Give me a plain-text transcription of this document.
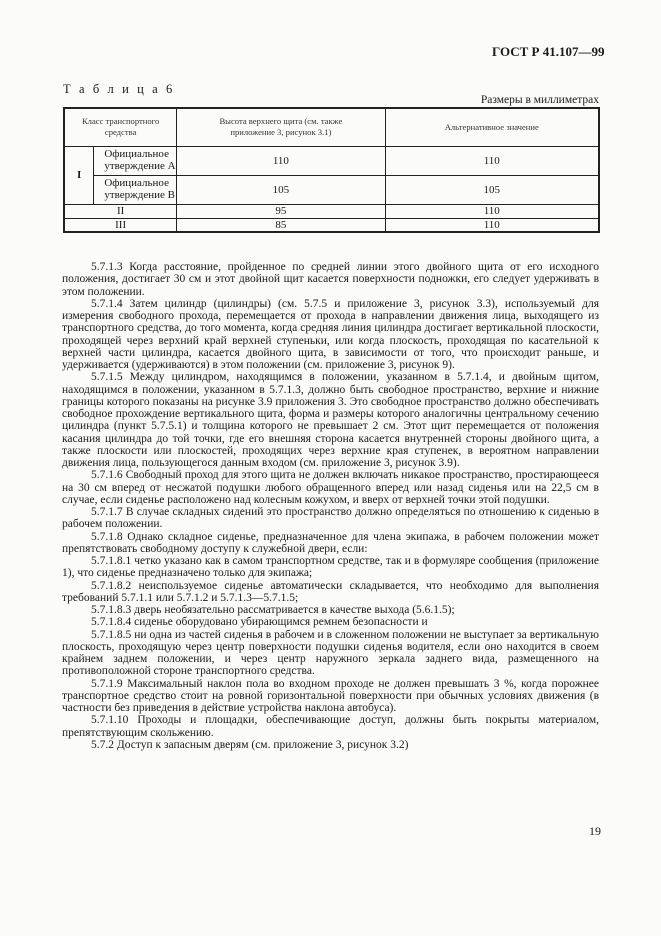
ГОСТ Р 41.107—99
Т а б л и ц а 6
Размеры в миллиметрах
Класс транспортного средства		Высота верхнего щита (см. также приложение 3, рисунок 3.1)	Альтернативное значение
I	Официальное утверждение A	110	110
	Официальное утверждение B	105	105
II		95	110
III		85	110

5.7.1.3 Когда расстояние, пройденное по средней линии этого двойного щита от его исходного положения, достигает 30 см и этот двойной щит касается поверхности подножки, его следует удерживать в этом положении.

5.7.1.4 Затем цилиндр (цилиндры) (см. 5.7.5 и приложение 3, рисунок 3.3), используемый для измерения свободного прохода, перемещается от прохода в направлении движения лица, выходящего из транспортного средства, до того момента, когда средняя линия цилиндра достигает вертикальной плоскости, проходящей через верхний край верхней ступеньки, или когда плоскость, проходящая по касательной к верхней части цилиндра, касается двойного щита, в зависимости от того, что происходит раньше, и удерживается (удерживаются) в этом положении (см. приложение 3, рисунок 9).

5.7.1.5 Между цилиндром, находящимся в положении, указанном в 5.7.1.4, и двойным щитом, находящимся в положении, указанном в 5.7.1.3, должно быть свободное пространство, верхние и нижние границы которого показаны на рисунке 3.9 приложения 3. Это свободное пространство должно обеспечивать свободное прохождение вертикального щита, форма и размеры которого аналогичны центральному сечению цилиндра (пункт 5.7.5.1) и толщина которого не превышает 2 см. Этот щит перемещается от положения касания цилиндра до той точки, где его внешняя сторона касается внутренней стороны двойного щита, а также плоскости или плоскостей, проходящих через верхние края ступенек, в вероятном направлении движения лица, пользующегося данным входом (см. приложение 3, рисунок 3.9).

5.7.1.6 Свободный проход для этого щита не должен включать никакое пространство, простирающееся на 30 см вперед от несжатой подушки любого обращенного вперед или назад сиденья или на 22,5 см в случае, если сиденье расположено над колесным кожухом, и вверх от верхней точки этой подушки.

5.7.1.7 В случае складных сидений это пространство должно определяться по отношению к сиденью в рабочем положении.

5.7.1.8 Однако складное сиденье, предназначенное для члена экипажа, в рабочем положении может препятствовать свободному доступу к служебной двери, если:

5.7.1.8.1 четко указано как в самом транспортном средстве, так и в формуляре сообщения (приложение 1), что сиденье предназначено только для экипажа;

5.7.1.8.2 неиспользуемое сиденье автоматически складывается, что необходимо для выполнения требований 5.7.1.1 или 5.7.1.2 и 5.7.1.3—5.7.1.5;

5.7.1.8.3 дверь необязательно рассматривается в качестве выхода (5.6.1.5);

5.7.1.8.4 сиденье оборудовано убирающимся ремнем безопасности и

5.7.1.8.5 ни одна из частей сиденья в рабочем и в сложенном положении не выступает за вертикальную плоскость, проходящую через центр поверхности подушки сиденья водителя, если оно находится в своем крайнем заднем положении, и через центр наружного зеркала заднего вида, размещенного на противоположной стороне транспортного средства.

5.7.1.9 Максимальный наклон пола во входном проходе не должен превышать 3 %, когда порожнее транспортное средство стоит на ровной горизонтальной поверхности при обычных условиях движения (в частности без приведения в действие устройства наклона автобуса).

5.7.1.10 Проходы и площадки, обеспечивающие доступ, должны быть покрыты материалом, препятствующим скольжению.

5.7.2 Доступ к запасным дверям (см. приложение 3, рисунок 3.2)

19
